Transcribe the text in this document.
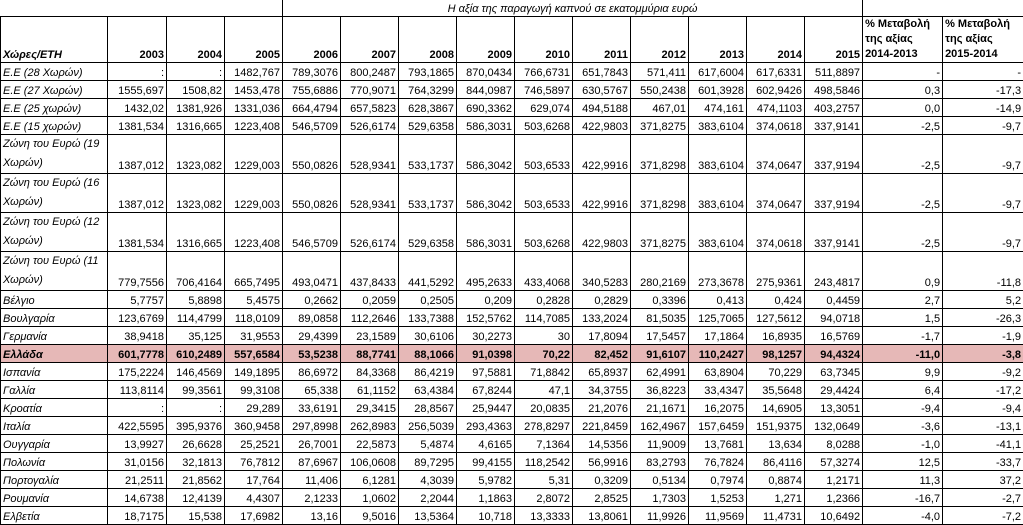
				Η αξία της παραγωγή καπνού σε εκατομμύρια ευρώ											
Χώρες/ΕΤΗ	2003	2004	2005	2006	2007	2008	2009	2010	2011	2012	2013	2014	2015	% Μεταβολή της αξίας 2014-2013	% Μεταβολή της αξίας 2015-2014
Ε.Ε (28 Χωρών)	:	:	1482,767	789,3076	800,2487	793,1865	870,0434	766,6731	651,7843	571,411	617,6004	617,6331	511,8897	-	-
Ε.Ε (27 Χωρών)	1555,697	1508,82	1453,478	755,6886	770,9071	764,3299	844,0987	746,5897	630,5767	550,2438	601,3928	602,9426	498,5846	0,3	-17,3
Ε.Ε (25 χωρών)	1432,02	1381,926	1331,036	664,4794	657,5823	628,3867	690,3362	629,074	494,5188	467,01	474,161	474,1103	403,2757	0,0	-14,9
Ε.Ε (15 χωρών)	1381,534	1316,665	1223,408	546,5709	526,6174	529,6358	586,3031	503,6268	422,9803	371,8275	383,6104	374,0618	337,9141	-2,5	-9,7
Ζώνη του Ευρώ (19 Χωρών)	1387,012	1323,082	1229,003	550,0826	528,9341	533,1737	586,3042	503,6533	422,9916	371,8298	383,6104	374,0647	337,9194	-2,5	-9,7
Ζώνη του Ευρώ (16 Χωρών)	1387,012	1323,082	1229,003	550,0826	528,9341	533,1737	586,3042	503,6533	422,9916	371,8298	383,6104	374,0647	337,9194	-2,5	-9,7
Ζώνη του Ευρώ (12 Χωρών)	1381,534	1316,665	1223,408	546,5709	526,6174	529,6358	586,3031	503,6268	422,9803	371,8275	383,6104	374,0618	337,9141	-2,5	-9,7
Ζώνη του Ευρώ (11 Χωρών)	779,7556	706,4164	665,7495	493,0471	437,8433	441,5292	495,2633	433,4068	340,5283	280,2169	273,3678	275,9361	243,4817	0,9	-11,8
Βέλγιο	5,7757	5,8898	5,4575	0,2662	0,2059	0,2505	0,209	0,2828	0,2829	0,3396	0,413	0,424	0,4459	2,7	5,2
Βουλγαρία	123,6769	114,4799	118,0109	89,0858	112,2646	133,7388	152,5762	114,7085	133,2024	81,5035	125,7065	127,5612	94,0718	1,5	-26,3
Γερμανία	38,9418	35,125	31,9553	29,4399	23,1589	30,6106	30,2273	30	17,8094	17,5457	17,1864	16,8935	16,5769	-1,7	-1,9
Ελλάδα	601,7778	610,2489	557,6584	53,5238	88,7741	88,1066	91,0398	70,22	82,452	91,6107	110,2427	98,1257	94,4324	-11,0	-3,8
Ισπανία	175,2224	146,4569	149,1895	86,6972	84,3368	86,4219	97,5881	71,8842	65,8937	62,4991	63,8904	70,229	63,7345	9,9	-9,2
Γαλλία	113,8114	99,3561	99,3108	65,338	61,1152	63,4384	67,8244	47,1	34,3755	36,8223	33,4347	35,5648	29,4424	6,4	-17,2
Κροατία	:	:	29,289	33,6191	29,3415	28,8567	25,9447	20,0835	21,2076	21,1671	16,2075	14,6905	13,3051	-9,4	-9,4
Ιταλία	422,5595	395,9376	360,9458	297,8998	262,8983	256,5039	293,4363	278,8297	221,8459	162,4967	157,6459	151,9375	132,0649	-3,6	-13,1
Ουγγαρία	13,9927	26,6628	25,2521	26,7001	22,5873	5,4874	4,6165	7,1364	14,5356	11,9009	13,7681	13,634	8,0288	-1,0	-41,1
Πολωνία	31,0156	32,1813	76,7812	87,6967	106,0608	89,7295	99,4155	118,2542	56,9916	83,2793	76,7824	86,4116	57,3274	12,5	-33,7
Πορτογαλία	21,2511	21,8562	17,764	11,406	6,1281	4,3039	5,9782	5,31	0,3209	0,5134	0,7974	0,8874	1,2171	11,3	37,2
Ρουμανία	14,6738	12,4139	4,4307	2,1233	1,0602	2,2044	1,1863	2,8072	2,8525	1,7303	1,5253	1,271	1,2366	-16,7	-2,7
Ελβετία	18,7175	15,538	17,6982	13,16	9,5016	13,5364	10,718	13,3333	13,8061	11,9926	11,9569	11,4731	10,6492	-4,0	-7,2
